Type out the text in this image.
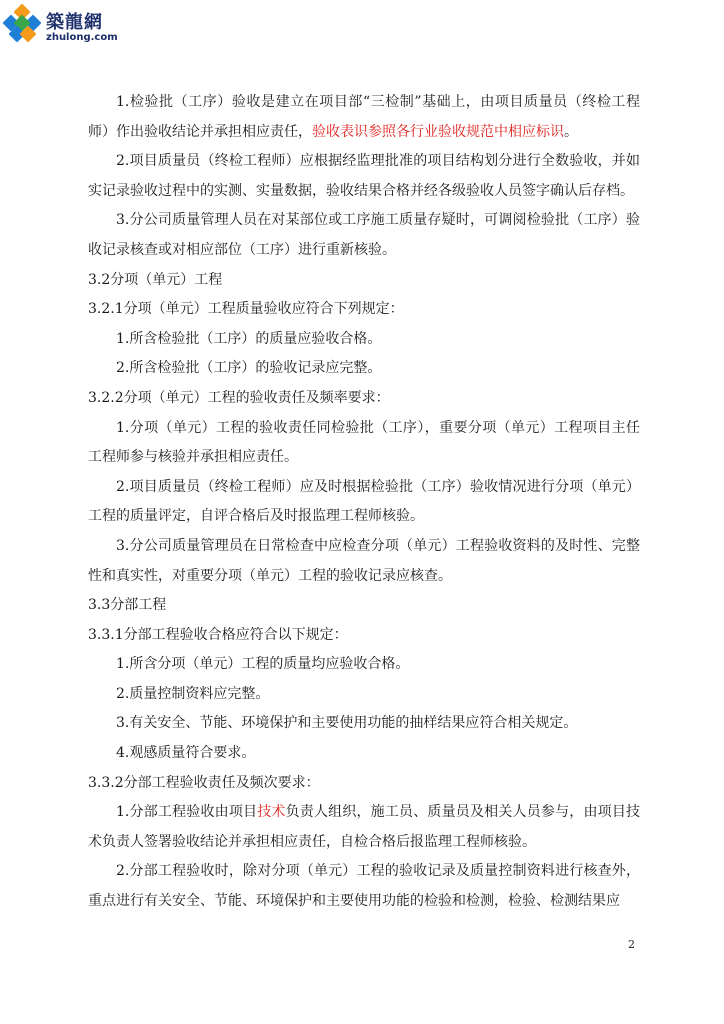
築龍網
zhulong.com

1.检验批（工序）验收是建立在项目部“三检制”基础上，由项目质量员（终检工程师）作出验收结论并承担相应责任，验收表识参照各行业验收规范中相应标识。

2.项目质量员（终检工程师）应根据经监理批准的项目结构划分进行全数验收，并如实记录验收过程中的实测、实量数据，验收结果合格并经各级验收人员签字确认后存档。

3.分公司质量管理人员在对某部位或工序施工质量存疑时，可调阅检验批（工序）验收记录核查或对相应部位（工序）进行重新核验。

3.2分项（单元）工程

3.2.1分项（单元）工程质量验收应符合下列规定：

1.所含检验批（工序）的质量应验收合格。

2.所含检验批（工序）的验收记录应完整。

3.2.2分项（单元）工程的验收责任及频率要求：

1.分项（单元）工程的验收责任同检验批（工序），重要分项（单元）工程项目主任工程师参与核验并承担相应责任。

2.项目质量员（终检工程师）应及时根据检验批（工序）验收情况进行分项（单元）工程的质量评定，自评合格后及时报监理工程师核验。

3.分公司质量管理员在日常检查中应检查分项（单元）工程验收资料的及时性、完整性和真实性，对重要分项（单元）工程的验收记录应核查。

3.3分部工程

3.3.1分部工程验收合格应符合以下规定：

1.所含分项（单元）工程的质量均应验收合格。

2.质量控制资料应完整。

3.有关安全、节能、环境保护和主要使用功能的抽样结果应符合相关规定。

4.观感质量符合要求。

3.3.2分部工程验收责任及频次要求：

1.分部工程验收由项目技术负责人组织，施工员、质量员及相关人员参与，由项目技术负责人签署验收结论并承担相应责任，自检合格后报监理工程师核验。

2.分部工程验收时，除对分项（单元）工程的验收记录及质量控制资料进行核查外，重点进行有关安全、节能、环境保护和主要使用功能的检验和检测，检验、检测结果应

2
